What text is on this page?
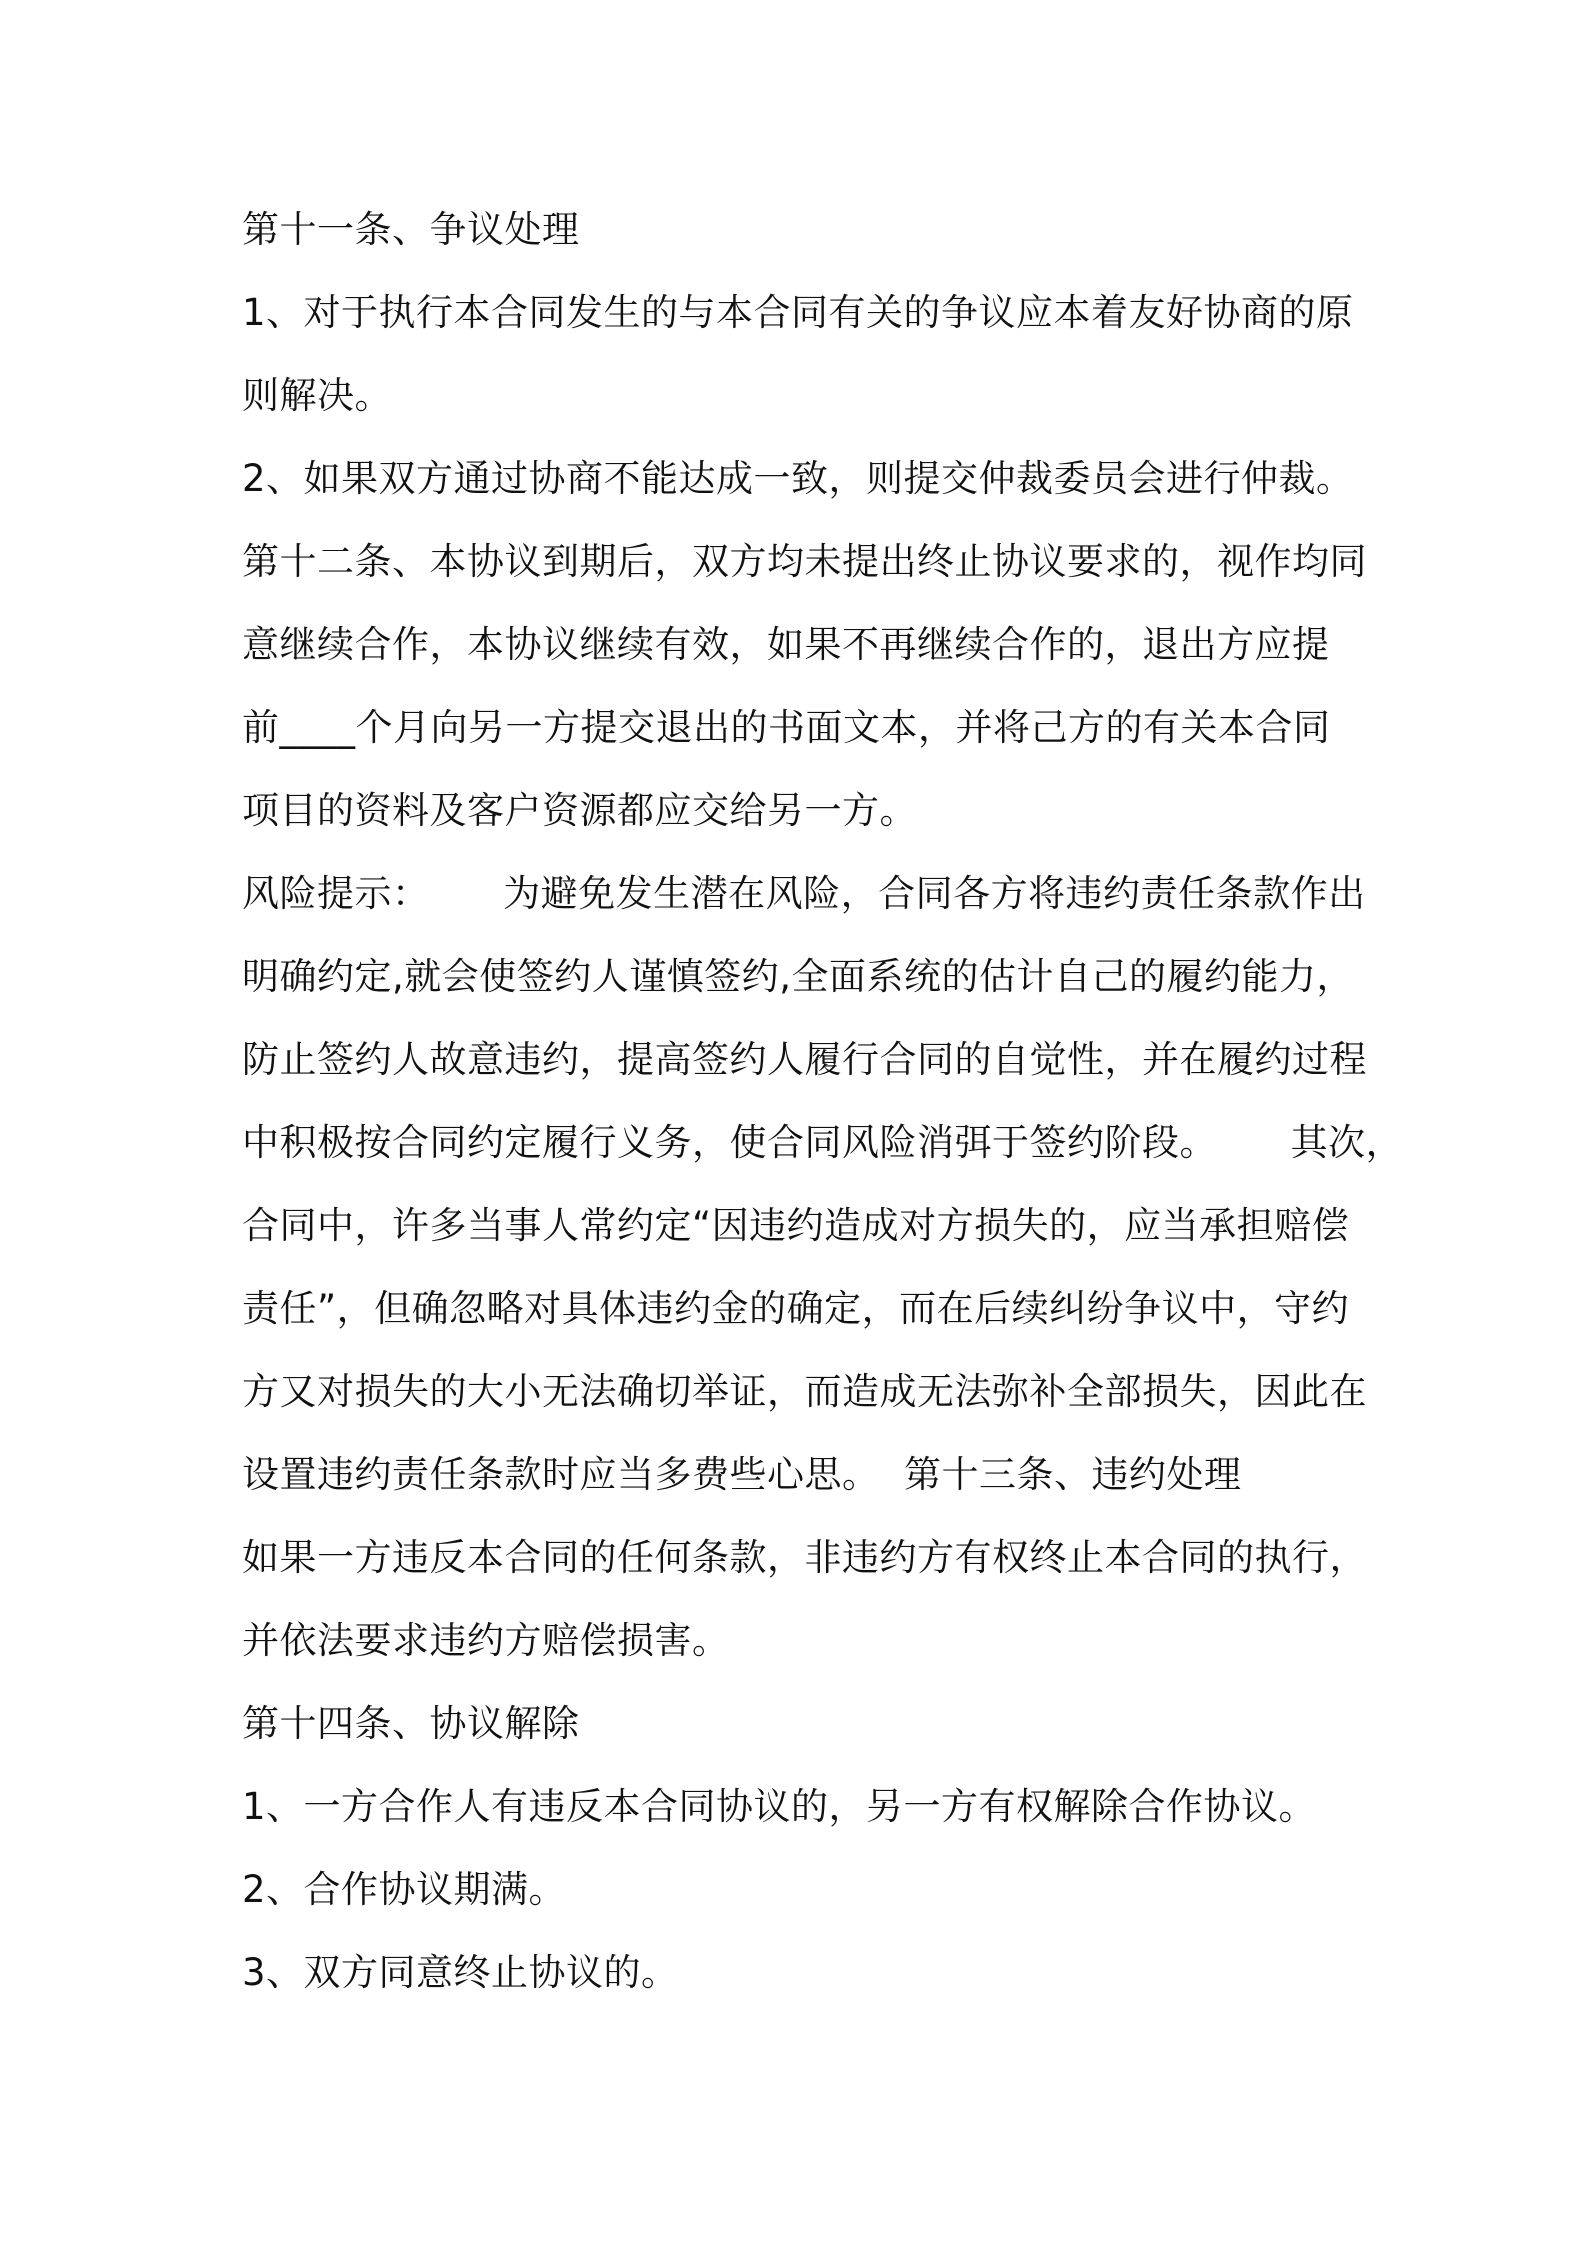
第十一条、争议处理

1、对于执行本合同发生的与本合同有关的争议应本着友好协商的原

则解决。

2、如果双方通过协商不能达成一致，则提交仲裁委员会进行仲裁。

第十二条、本协议到期后，双方均未提出终止协议要求的，视作均同

意继续合作，本协议继续有效，如果不再继续合作的，退出方应提

前____个月向另一方提交退出的书面文本，并将己方的有关本合同

项目的资料及客户资源都应交给另一方。

风险提示：      为避免发生潜在风险，合同各方将违约责任条款作出

明确约定,就会使签约人谨慎签约,全面系统的估计自己的履约能力，

防止签约人故意违约，提高签约人履行合同的自觉性，并在履约过程

中积极按合同约定履行义务，使合同风险消弭于签约阶段。      其次，

合同中，许多当事人常约定“因违约造成对方损失的，应当承担赔偿

责任”，但确忽略对具体违约金的确定，而在后续纠纷争议中，守约

方又对损失的大小无法确切举证，而造成无法弥补全部损失，因此在

设置违约责任条款时应当多费些心思。  第十三条、违约处理

如果一方违反本合同的任何条款，非违约方有权终止本合同的执行，

并依法要求违约方赔偿损害。

第十四条、协议解除

1、一方合作人有违反本合同协议的，另一方有权解除合作协议。

2、合作协议期满。

3、双方同意终止协议的。
